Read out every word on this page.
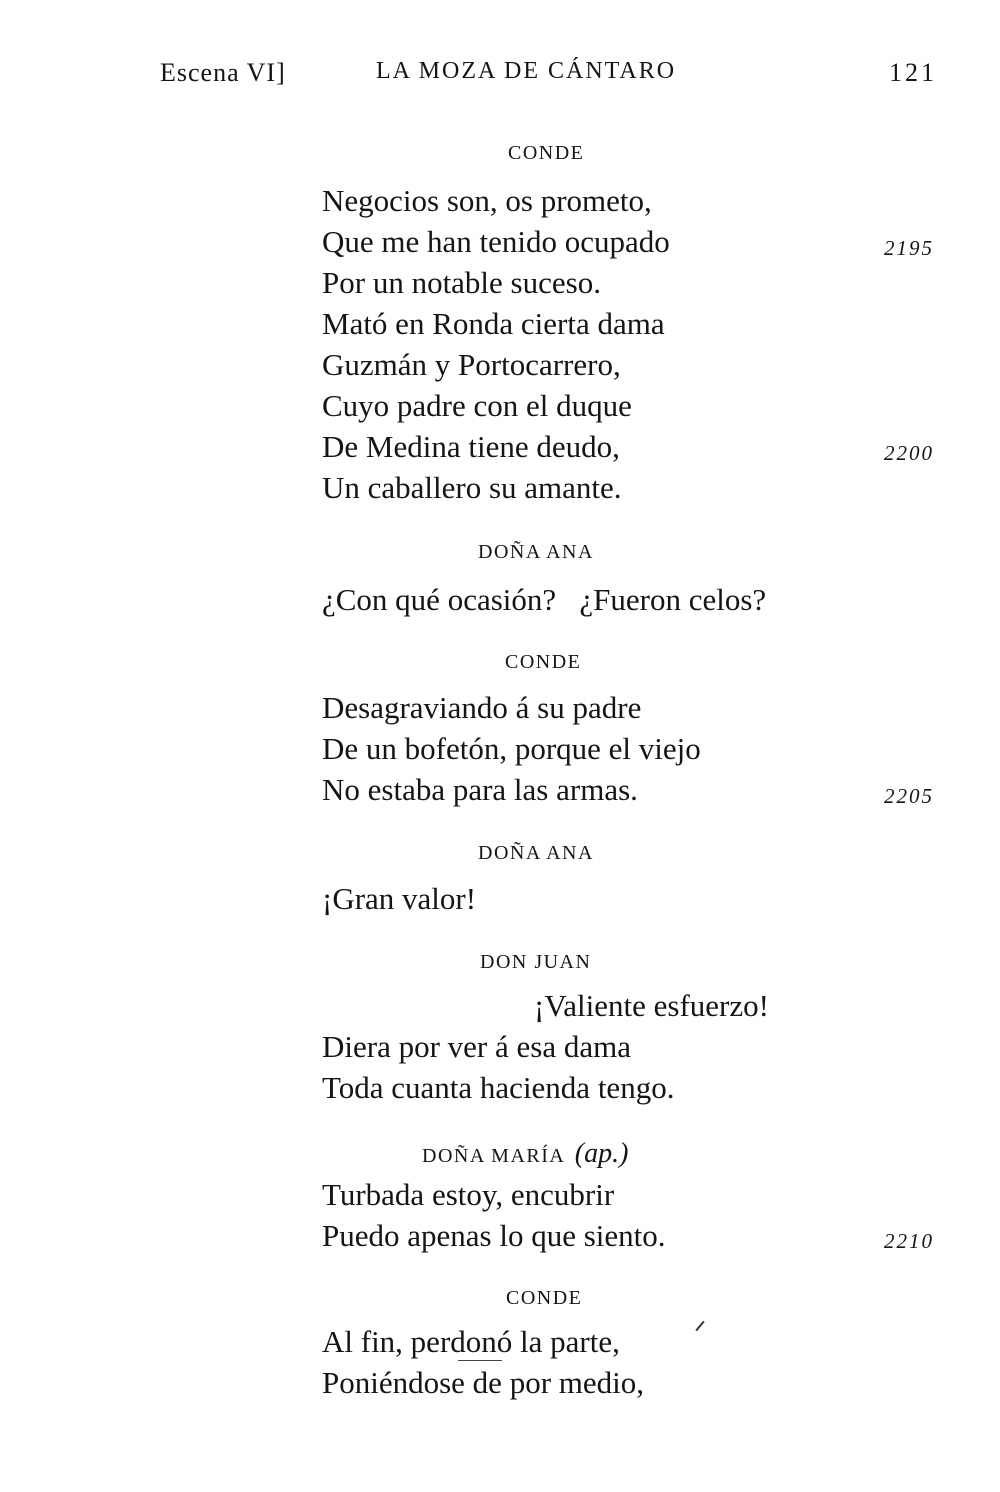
Escena VI]	LA MOZA DE CÁNTARO	121
CONDE
Negocios son, os prometo,
Que me han tenido ocupado	2195
Por un notable suceso.
Mató en Ronda cierta dama
Guzmán y Portocarrero,
Cuyo padre con el duque
De Medina tiene deudo,	2200
Un caballero su amante.
DOÑA ANA
¿Con qué ocasión?   ¿Fueron celos?
CONDE
Desagraviando á su padre
De un bofetón, porque el viejo
No estaba para las armas.	2205
DOÑA ANA
¡Gran valor!
DON JUAN
¡Valiente esfuerzo!
Diera por ver á esa dama
Toda cuanta hacienda tengo.
DOÑA MARÍA (ap.)
Turbada estoy, encubrir
Puedo apenas lo que siento.	2210
CONDE
Al fin, perdonó la parte,
Poniéndose de por medio,
